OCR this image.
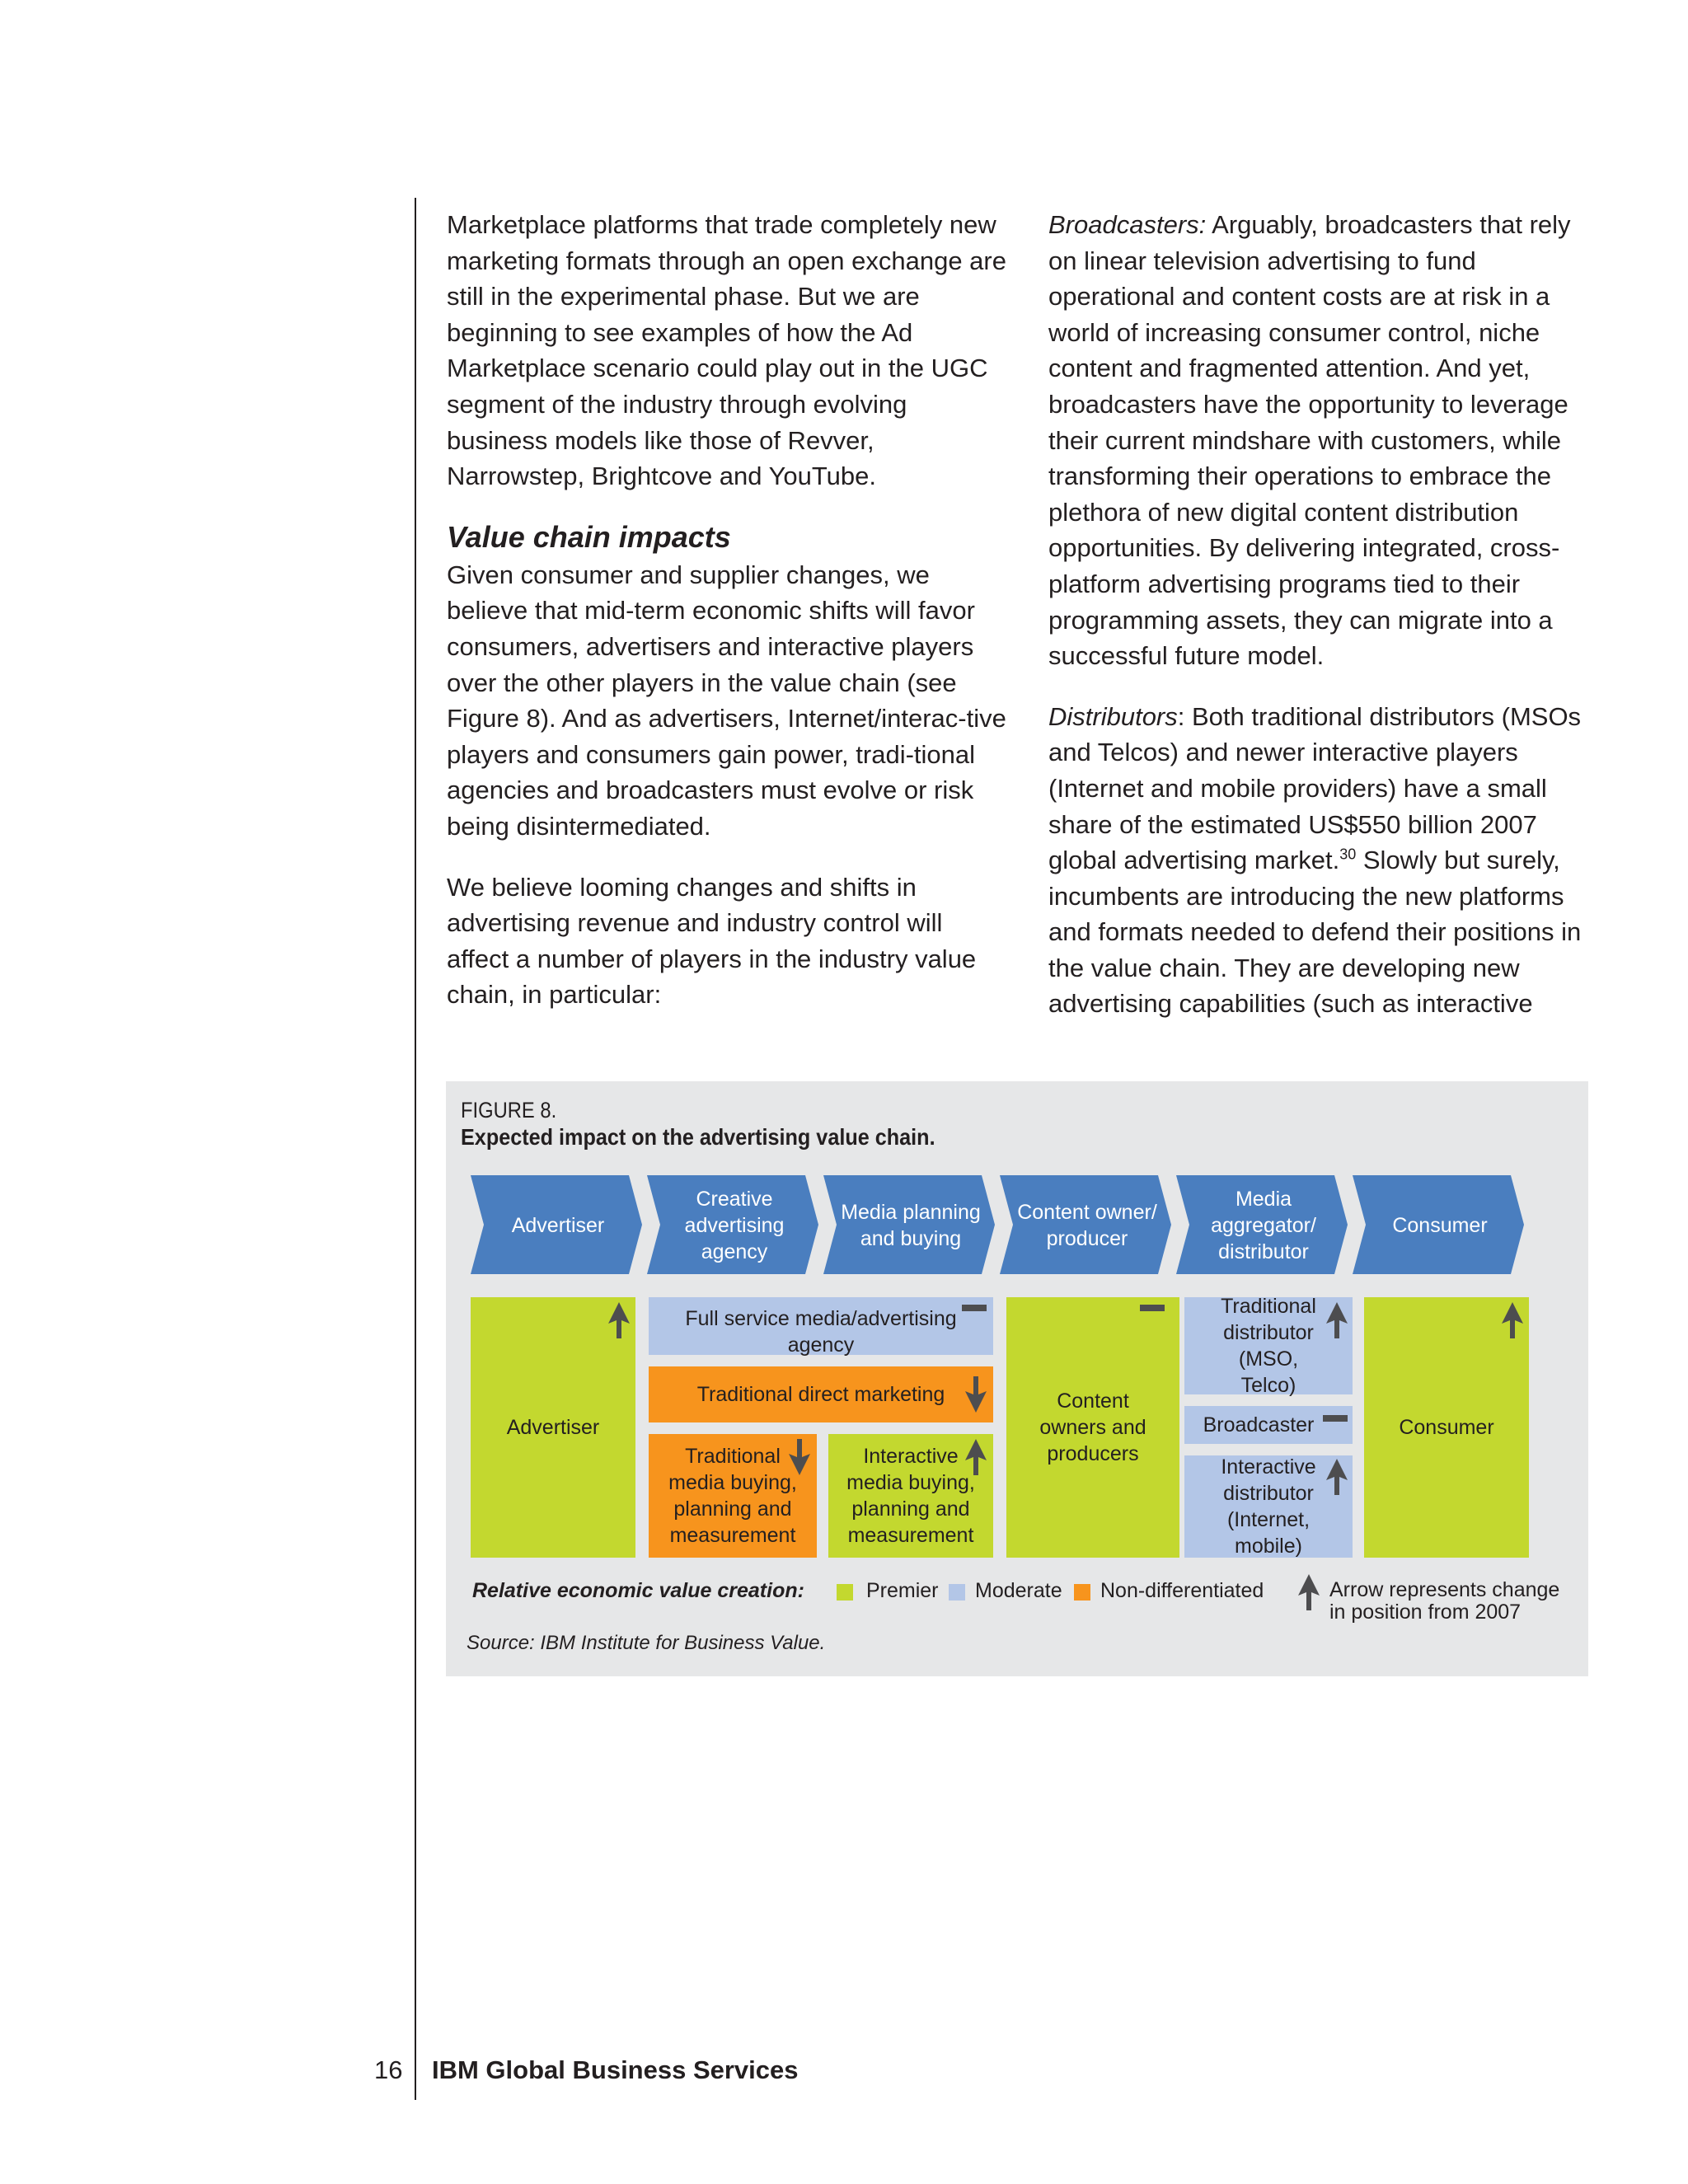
Marketplace platforms that trade completely new marketing formats through an open exchange are still in the experimental phase. But we are beginning to see examples of how the Ad Marketplace scenario could play out in the UGC segment of the industry through evolving business models like those of Revver, Narrowstep, Brightcove and YouTube.

Value chain impacts

Given consumer and supplier changes, we believe that mid-term economic shifts will favor consumers, advertisers and interactive players over the other players in the value chain (see Figure 8). And as advertisers, Internet/interac-tive players and consumers gain power, tradi-tional agencies and broadcasters must evolve or risk being disintermediated.

We believe looming changes and shifts in advertising revenue and industry control will affect a number of players in the industry value chain, in particular:

Broadcasters: Arguably, broadcasters that rely on linear television advertising to fund operational and content costs are at risk in a world of increasing consumer control, niche content and fragmented attention. And yet, broadcasters have the opportunity to leverage their current mindshare with customers, while transforming their operations to embrace the plethora of new digital content distribution opportunities. By delivering integrated, cross-platform advertising programs tied to their programming assets, they can migrate into a successful future model.

Distributors: Both traditional distributors (MSOs and Telcos) and newer interactive players (Internet and mobile providers) have a small share of the estimated US$550 billion 2007 global advertising market.$^{30}$ Slowly but surely, incumbents are introducing the new platforms and formats needed to defend their positions in the value chain. They are developing new advertising capabilities (such as interactive

FIGURE 8.
Expected impact on the advertising value chain.
Advertiser
Creative advertising agency
Media planning and buying
Content owner/ producer
Media aggregator/ distributor
Consumer
Advertiser
Full service media/advertising agency
Traditional direct marketing
Traditional media buying, planning and measurement
Interactive media buying, planning and measurement
Content owners and producers
Traditional distributor (MSO, Telco)
Broadcaster
Interactive distributor (Internet, mobile)
Consumer
Relative economic value creation:	Premier Moderate Non-differentiated	Arrow represents change in position from 2007
Source: IBM Institute for Business Value.
16 IBM Global Business Services
